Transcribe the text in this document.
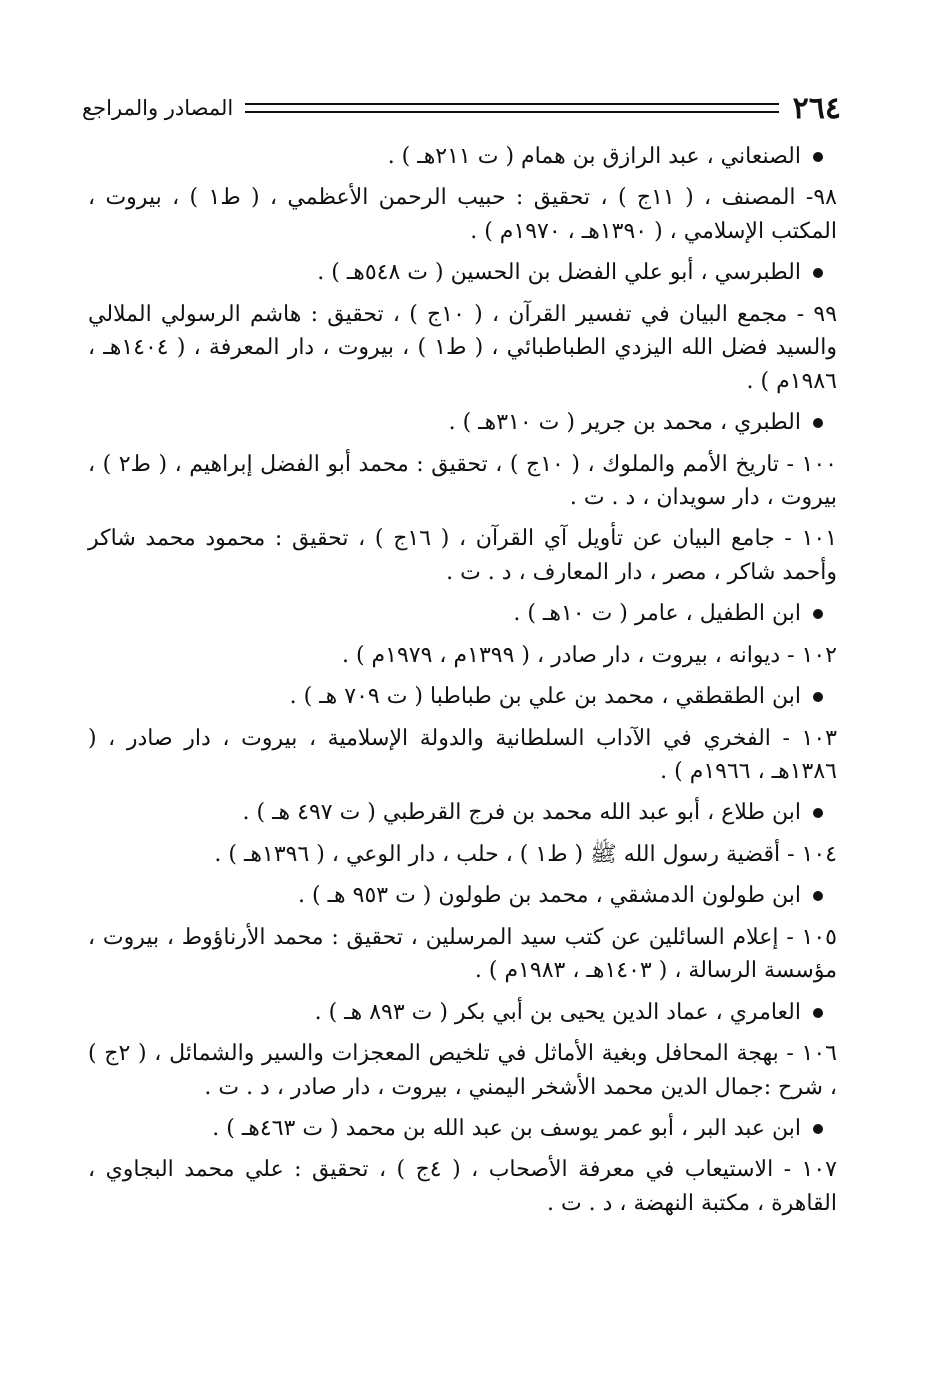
٢٦٤
المصادر والمراجع

الصنعاني ، عبد الرازق بن همام ( ت ٢١١هـ ) .

٩٨- المصنف ، ( ١١ج ) ، تحقيق : حبيب الرحمن الأعظمي ، ( ط١ ) ، بيروت ، المكتب الإسلامي ، ( ١٣٩٠هـ ، ١٩٧٠م ) .

الطبرسي ، أبو علي الفضل بن الحسين ( ت ٥٤٨هـ ) .

٩٩ - مجمع البيان في تفسير القرآن ، ( ١٠ج ) ، تحقيق : هاشم الرسولي الملالي والسيد فضل الله اليزدي الطباطبائي ، ( ط١ ) ، بيروت ، دار المعرفة ، ( ١٤٠٤هـ ، ١٩٨٦م ) .

الطبري ، محمد بن جرير ( ت ٣١٠هـ ) .

١٠٠ - تاريخ الأمم والملوك ، ( ١٠ج ) ، تحقيق : محمد أبو الفضل إبراهيم ، ( ط٢ ) ، بيروت ، دار سويدان ، د . ت .

١٠١ - جامع البيان عن تأويل آي القرآن ، ( ١٦ج ) ، تحقيق : محمود محمد شاكر وأحمد شاكر ، مصر ، دار المعارف ، د . ت .

ابن الطفيل ، عامر ( ت ١٠هـ ) .

١٠٢ - ديوانه ، بيروت ، دار صادر ، ( ١٣٩٩م ، ١٩٧٩م ) .

ابن الطقطقي ، محمد بن علي بن طباطبا ( ت ٧٠٩ هـ ) .

١٠٣ - الفخري في الآداب السلطانية والدولة الإسلامية ، بيروت ، دار صادر ، ( ١٣٨٦هـ ، ١٩٦٦م ) .

ابن طلاع ، أبو عبد الله محمد بن فرج القرطبي ( ت ٤٩٧ هـ ) .

١٠٤ - أقضية رسول الله ﷺ ( ط١ ) ، حلب ، دار الوعي ، ( ١٣٩٦هـ ) .

ابن طولون الدمشقي ، محمد بن طولون ( ت ٩٥٣ هـ ) .

١٠٥ - إعلام السائلين عن كتب سيد المرسلين ، تحقيق : محمد الأرناؤوط ، بيروت ، مؤسسة الرسالة ، ( ١٤٠٣هـ ، ١٩٨٣م ) .

العامري ، عماد الدين يحيى بن أبي بكر ( ت ٨٩٣ هـ ) .

١٠٦ - بهجة المحافل وبغية الأماثل في تلخيص المعجزات والسير والشمائل ، ( ٢ج ) ، شرح :جمال الدين محمد الأشخر اليمني ، بيروت ، دار صادر ، د . ت .

ابن عبد البر ، أبو عمر يوسف بن عبد الله بن محمد ( ت ٤٦٣هـ ) .

١٠٧ - الاستيعاب في معرفة الأصحاب ، ( ٤ج ) ، تحقيق : علي محمد البجاوي ، القاهرة ، مكتبة النهضة ، د . ت .
